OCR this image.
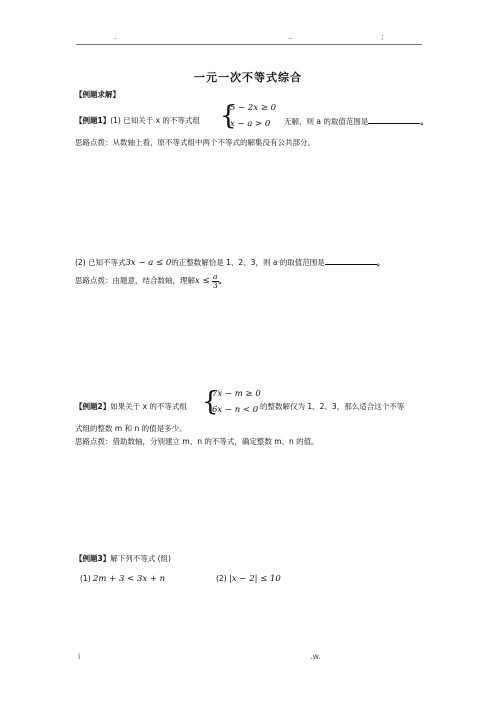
.	..	;
一元一次不等式综合
【例题求解】
【例题1】(1) 已知关于 x 的不等式组 {
5 − 2x ≥ 0
x − a > 0 无解，则 a 的取值范围是	。
思路点拨：从数轴上看，原不等式组中两个不等式的解集没有公共部分。
(2) 已知不等式3x − a ≤ 0的正整数解恰是 1、2、3，则 a 的取值范围是	。
思路点拨：由题意，结合数轴，理解$x \le \frac{a}{3}$ 。
【例题2】如果关于 x 的不等式组 {
7x − m ≥ 0
6x − n < 0 的整数解仅为 1、2、3，那么适合这个不等
式组的整数 m 和 n 的值是多少。
思路点拨：借助数轴，分别建立 m、n 的不等式，确定整数 m、n 的值。
【例题3】解下列不等式 (组)
(1) 2m + 3 < 3x + n	(2) |x − 2| ≤ 10
i	.w.
